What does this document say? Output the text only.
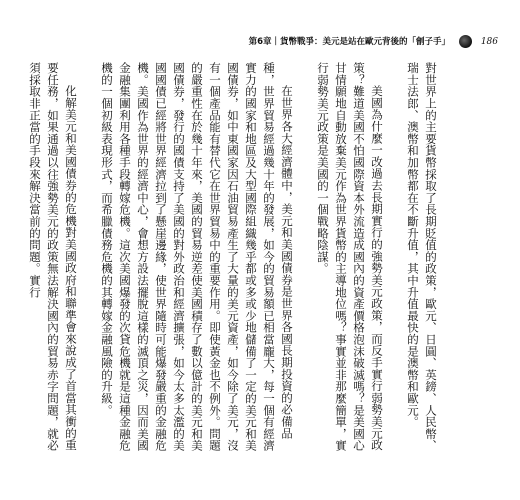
第6章｜貨幣戰爭：美元是站在歐元背後的「劊子手」	186

對世界上的主要貨幣採取了長期貶值的政策，歐元、日圓、英鎊、人民幣、瑞士法郎、澳幣和加幣都在不斷升值，其中升值最快的是澳幣和歐元。

美國為什麼一改過去長期實行的強勢美元政策，而反手實行弱勢美元政策？難道美國不怕國際資本外流造成國內的資產價格泡沫破滅嗎？是美國心甘情願地自動放棄美元作為世界貨幣的主導地位嗎？事實並非那麼簡單，實行弱勢美元政策是美國的一個戰略陰謀。

在世界各大經濟體中，美元和美國債券是世界各國長期投資的必備品種，世界貿易經過幾十年的發展，如今的貿易額已相當龐大，每一個有經濟實力的國家和地區及大型國際組織幾乎都或多或少地儲備了一定的美元和美國債券，如中東國家因石油貿易產生了大量的美元資產，如今除了美元，沒有一個產品能有替代它在世界貿易中的重要作用。即使黃金也不例外。問題的嚴重性在於幾十年來，美國的貿易逆差使美國積存了數以億計的美元和美國債券，發行的國債支持了美國的對外政治和經濟擴張，如今太多太濫的美國國債已經將世界經濟拉到了懸崖邊緣，使世界隨時可能爆發嚴重的金融危機。美國作為世界的經濟中心，會想方設法擺脫這樣的滅頂之災，因而美國金融集團利用各種手段轉嫁危機。這次美國爆發的次貸危機就是這種金融危機的一個初級表現形式，而希臘債務危機的其轉嫁金融風險的升級。

化解美元和美國債券的危機對美國政府和聯準會來說成了首當其衝的重要任務，如果通過以往強勢美元的政策無法解決國內的貿易赤字問題，就必須採取非正當的手段來解決當前的問題。實行
